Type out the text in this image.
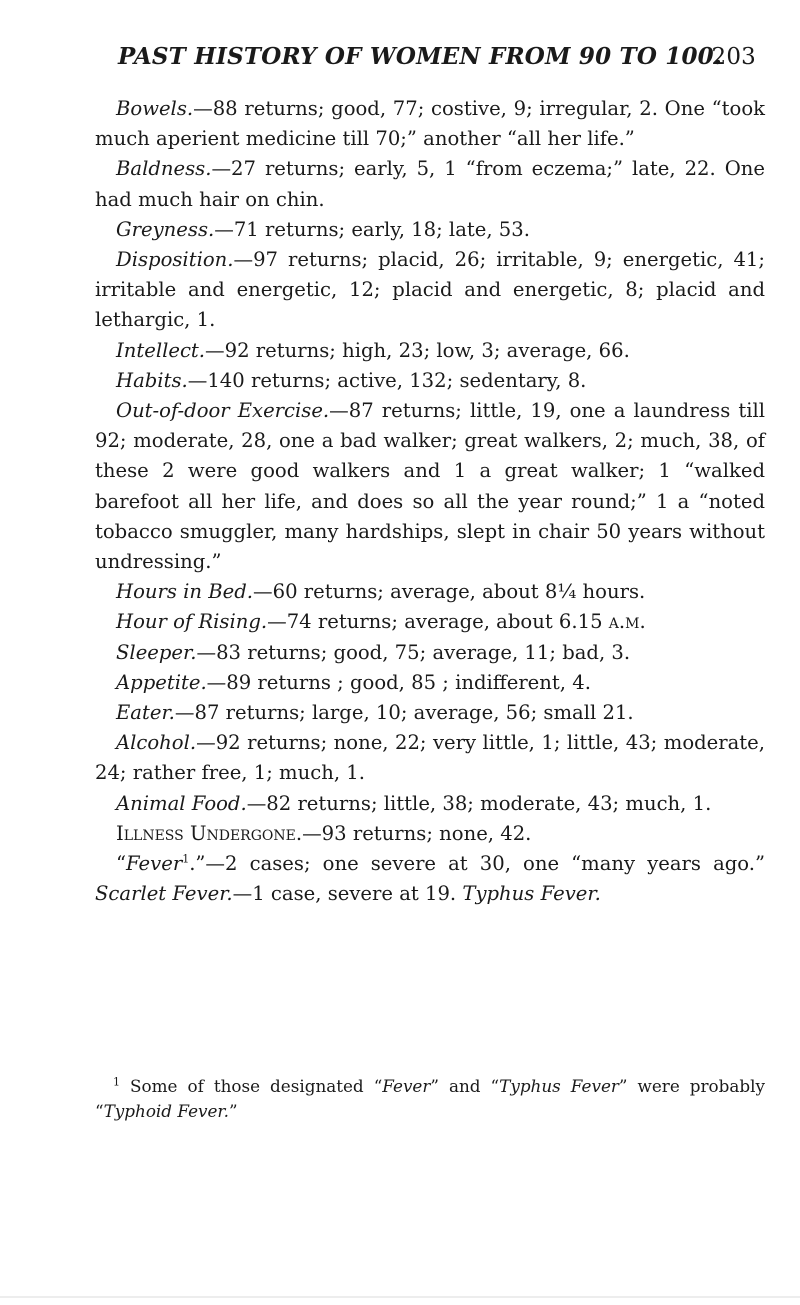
PAST HISTORY OF WOMEN FROM 90 TO 100.
203

Bowels.—88 returns; good, 77; costive, 9; irregular, 2. One “took much aperient medicine till 70;” another “all her life.”

Baldness.—27 returns; early, 5, 1 “from eczema;” late, 22. One had much hair on chin.

Greyness.—71 returns; early, 18; late, 53.

Disposition.—97 returns; placid, 26; irritable, 9; energetic, 41; irritable and energetic, 12; placid and energetic, 8; placid and lethargic, 1.

Intellect.—92 returns; high, 23; low, 3; average, 66.

Habits.—140 returns; active, 132; sedentary, 8.

Out-of-door Exercise.—87 returns; little, 19, one a laundress till 92; moderate, 28, one a bad walker; great walkers, 2; much, 38, of these 2 were good walkers and 1 a great walker; 1 “walked barefoot all her life, and does so all the year round;” 1 a “noted tobacco smuggler, many hardships, slept in chair 50 years without undressing.”

Hours in Bed.—60 returns; average, about 8¼ hours.

Hour of Rising.—74 returns; average, about 6.15 a.m.

Sleeper.—83 returns; good, 75; average, 11; bad, 3.

Appetite.—89 returns ; good, 85 ; indifferent, 4.

Eater.—87 returns; large, 10; average, 56; small 21.

Alcohol.—92 returns; none, 22; very little, 1; little, 43; moderate, 24; rather free, 1; much, 1.

Animal Food.—82 returns; little, 38; moderate, 43; much, 1.

Illness Undergone.—93 returns; none, 42.

“Fever$^1$.”—2 cases; one severe at 30, one “many years ago.” Scarlet Fever.—1 case, severe at 19. Typhus Fever.

$^1$ Some of those designated “Fever” and “Typhus Fever” were probably “Typhoid Fever.”
